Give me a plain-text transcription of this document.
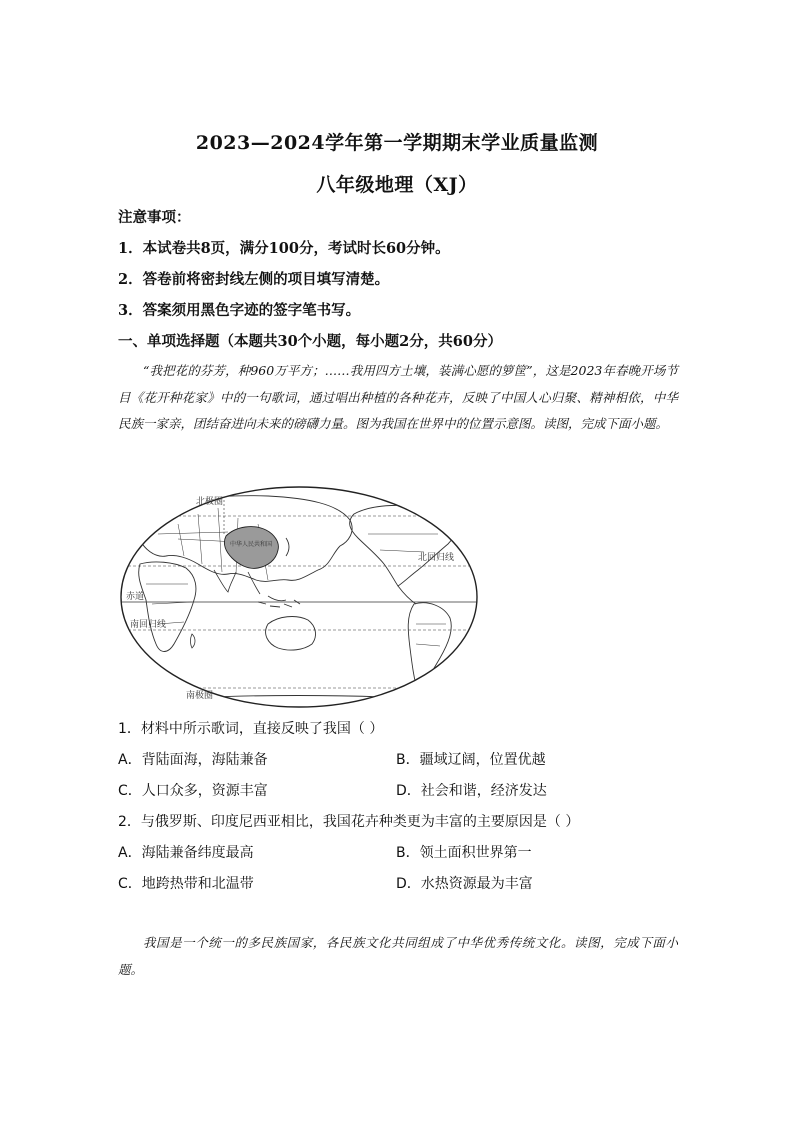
2023—2024学年第一学期期末学业质量监测
八年级地理（XJ）
注意事项：
1．本试卷共8页，满分100分，考试时长60分钟。
2．答卷前将密封线左侧的项目填写清楚。
3．答案须用黑色字迹的签字笔书写。
一、单项选择题（本题共30个小题，每小题2分，共60分）
“我把花的芬芳，种960万平方；……我用四方土壤，装满心愿的箩筐”，这是2023年春晚开场节目《花开种花家》中的一句歌词，通过唱出种植的各种花卉，反映了中国人心归聚、精神相依，中华民族一家亲，团结奋进向未来的磅礴力量。图为我国在世界中的位置示意图。读图，完成下面小题。
北极圈
北回归线
赤道
南回归线
南极圈
中华人民共和国
1．材料中所示歌词，直接反映了我国（ ）
A．背陆面海，海陆兼备	B．疆域辽阔，位置优越
C．人口众多，资源丰富	D．社会和谐，经济发达
2．与俄罗斯、印度尼西亚相比，我国花卉种类更为丰富的主要原因是（ ）
A．海陆兼备纬度最高	B．领土面积世界第一
C．地跨热带和北温带	D．水热资源最为丰富
我国是一个统一的多民族国家，各民族文化共同组成了中华优秀传统文化。读图，完成下面小题。
